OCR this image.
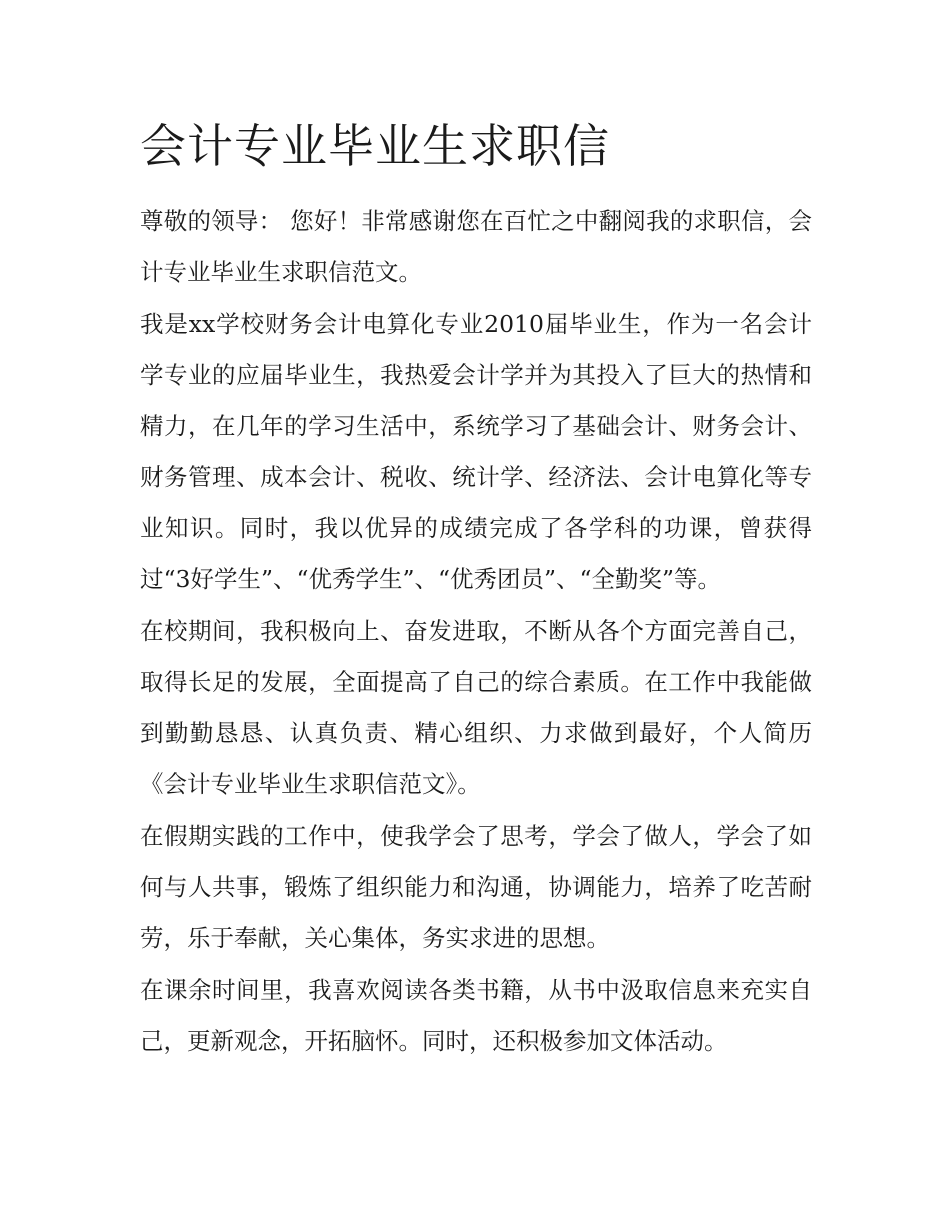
会计专业毕业生求职信

尊敬的领导： 您好！非常感谢您在百忙之中翻阅我的求职信，会计专业毕业生求职信范文。

我是xx学校财务会计电算化专业2010届毕业生，作为一名会计学专业的应届毕业生，我热爱会计学并为其投入了巨大的热情和精力，在几年的学习生活中，系统学习了基础会计、财务会计、财务管理、成本会计、税收、统计学、经济法、会计电算化等专业知识。同时，我以优异的成绩完成了各学科的功课，曾获得过“3好学生”、“优秀学生”、“优秀团员”、“全勤奖”等。

在校期间，我积极向上、奋发进取，不断从各个方面完善自己，取得长足的发展，全面提高了自己的综合素质。在工作中我能做到勤勤恳恳、认真负责、精心组织、力求做到最好，个人简历《会计专业毕业生求职信范文》。

在假期实践的工作中，使我学会了思考，学会了做人，学会了如何与人共事，锻炼了组织能力和沟通，协调能力，培养了吃苦耐劳，乐于奉献，关心集体，务实求进的思想。

在课余时间里，我喜欢阅读各类书籍，从书中汲取信息来充实自己，更新观念，开拓脑怀。同时，还积极参加文体活动。
